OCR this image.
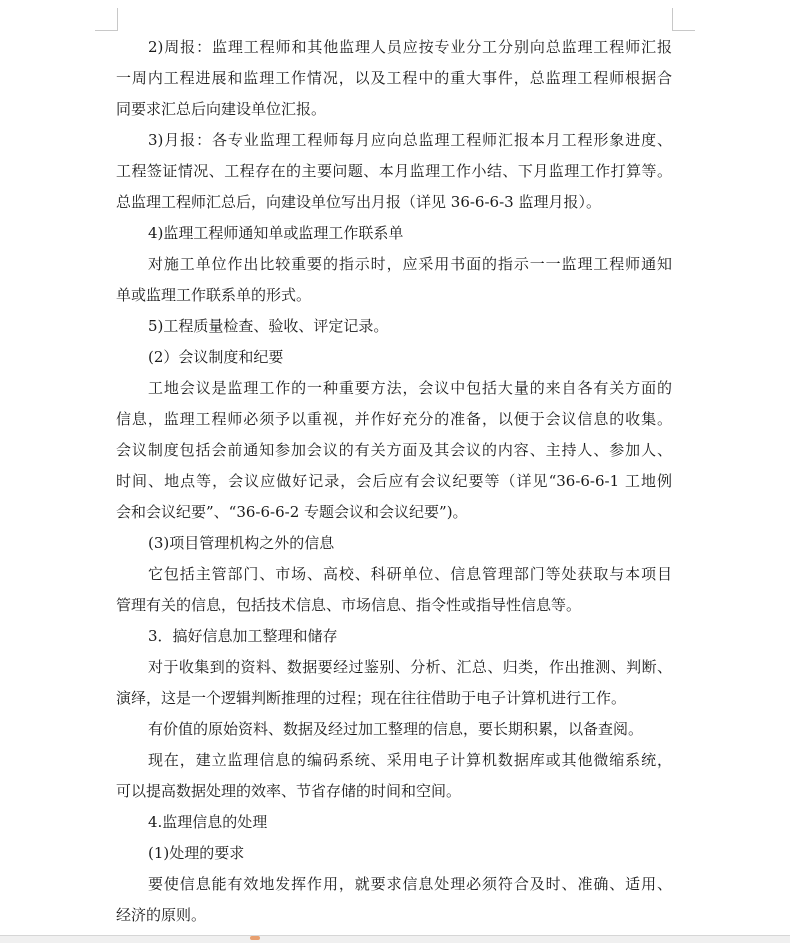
2)周报：监理工程师和其他监理人员应按专业分工分别向总监理工程师汇报
一周内工程进展和监理工作情况，以及工程中的重大事件，总监理工程师根据合
同要求汇总后向建设单位汇报。
3)月报：各专业监理工程师每月应向总监理工程师汇报本月工程形象进度、
工程签证情况、工程存在的主要问题、本月监理工作小结、下月监理工作打算等。
总监理工程师汇总后，向建设单位写出月报（详见 36-6-6-3 监理月报）。
4)监理工程师通知单或监理工作联系单
对施工单位作出比较重要的指示时，应采用书面的指示一一监理工程师通知
单或监理工作联系单的形式。
5)工程质量检查、验收、评定记录。
(2）会议制度和纪要
工地会议是监理工作的一种重要方法，会议中包括大量的来自各有关方面的
信息，监理工程师必须予以重视，并作好充分的准备，以便于会议信息的收集。
会议制度包括会前通知参加会议的有关方面及其会议的内容、主持人、参加人、
时间、地点等，会议应做好记录，会后应有会议纪要等（详见“36-6-6-1 工地例
会和会议纪要”、“36-6-6-2 专题会议和会议纪要”)。
(3)项目管理机构之外的信息
它包括主管部门、市场、高校、科研单位、信息管理部门等处获取与本项目
管理有关的信息，包括技术信息、市场信息、指令性或指导性信息等。
3．搞好信息加工整理和储存
对于收集到的资料、数据要经过鉴别、分析、汇总、归类，作出推测、判断、
演绎，这是一个逻辑判断推理的过程；现在往往借助于电子计算机进行工作。
有价值的原始资料、数据及经过加工整理的信息，要长期积累，以备查阅。
现在，建立监理信息的编码系统、采用电子计算机数据库或其他微缩系统，
可以提高数据处理的效率、节省存储的时间和空间。
4.监理信息的处理
(1)处理的要求
要使信息能有效地发挥作用，就要求信息处理必须符合及时、准确、适用、
经济的原则。
